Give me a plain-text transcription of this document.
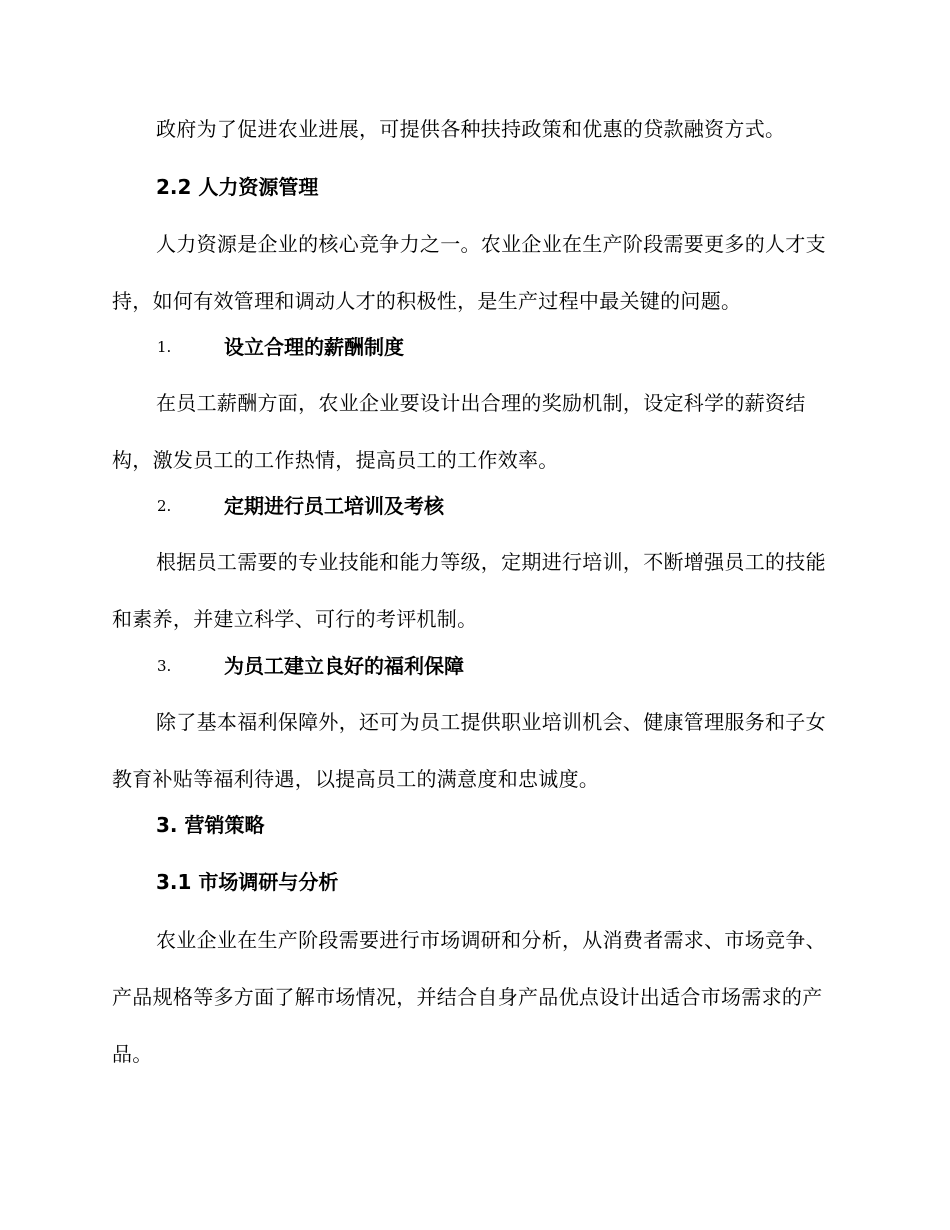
政府为了促进农业进展，可提供各种扶持政策和优惠的贷款融资方式。

2.2 人力资源管理

人力资源是企业的核心竞争力之一。农业企业在生产阶段需要更多的人才支持，如何有效管理和调动人才的积极性，是生产过程中最关键的问题。

1.	设立合理的薪酬制度

在员工薪酬方面，农业企业要设计出合理的奖励机制，设定科学的薪资结构，激发员工的工作热情，提高员工的工作效率。

2.	定期进行员工培训及考核

根据员工需要的专业技能和能力等级，定期进行培训，不断增强员工的技能和素养，并建立科学、可行的考评机制。

3.	为员工建立良好的福利保障

除了基本福利保障外，还可为员工提供职业培训机会、健康管理服务和子女教育补贴等福利待遇，以提高员工的满意度和忠诚度。

3. 营销策略
3.1 市场调研与分析

农业企业在生产阶段需要进行市场调研和分析，从消费者需求、市场竞争、产品规格等多方面了解市场情况，并结合自身产品优点设计出适合市场需求的产品。
